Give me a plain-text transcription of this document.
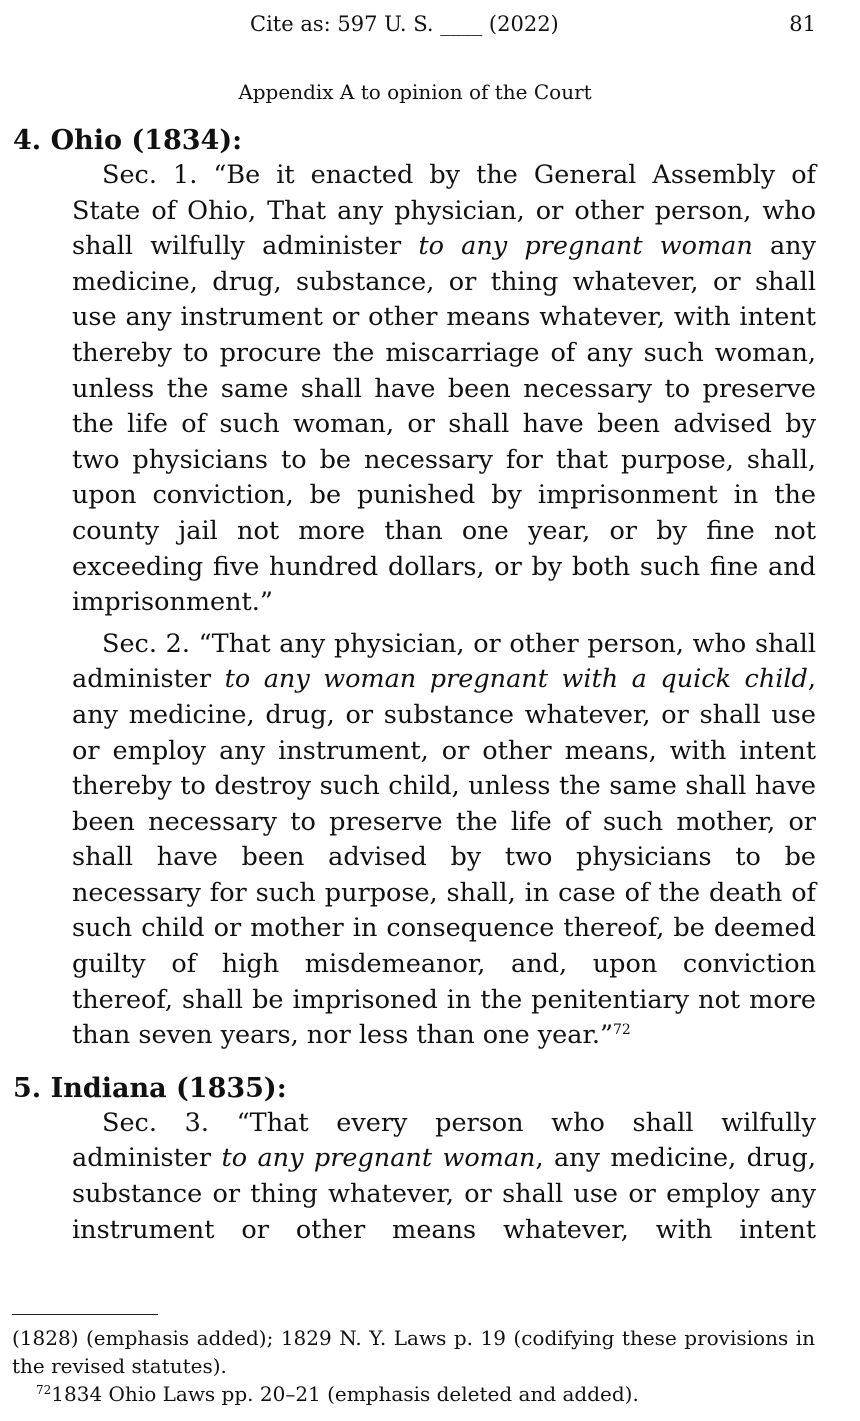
Cite as: 597 U. S. ____ (2022)	81
Appendix A to opinion of the Court

4. Ohio (1834):

Sec. 1. “Be it enacted by the General Assembly of State of Ohio, That any physician, or other person, who shall wilfully administer to any pregnant woman any medicine, drug, substance, or thing whatever, or shall use any instrument or other means whatever, with intent thereby to procure the miscarriage of any such woman, unless the same shall have been necessary to preserve the life of such woman, or shall have been advised by two physicians to be necessary for that purpose, shall, upon conviction, be punished by imprisonment in the county jail not more than one year, or by fine not exceeding five hundred dollars, or by both such fine and imprisonment.”

Sec. 2. “That any physician, or other person, who shall administer to any woman pregnant with a quick child, any medicine, drug, or substance whatever, or shall use or employ any instrument, or other means, with intent thereby to destroy such child, unless the same shall have been necessary to preserve the life of such mother, or shall have been advised by two physicians to be necessary for such purpose, shall, in case of the death of such child or mother in consequence thereof, be deemed guilty of high misdemeanor, and, upon conviction thereof, shall be imprisoned in the penitentiary not more than seven years, nor less than one year.”$^{72}$

5. Indiana (1835):

Sec. 3. “That every person who shall wilfully administer to any pregnant woman, any medicine, drug, substance or thing whatever, or shall use or employ any instrument or other means whatever, with intent

(1828) (emphasis added); 1829 N. Y. Laws p. 19 (codifying these provisions in the revised statutes).

$^{72}$1834 Ohio Laws pp. 20–21 (emphasis deleted and added).
